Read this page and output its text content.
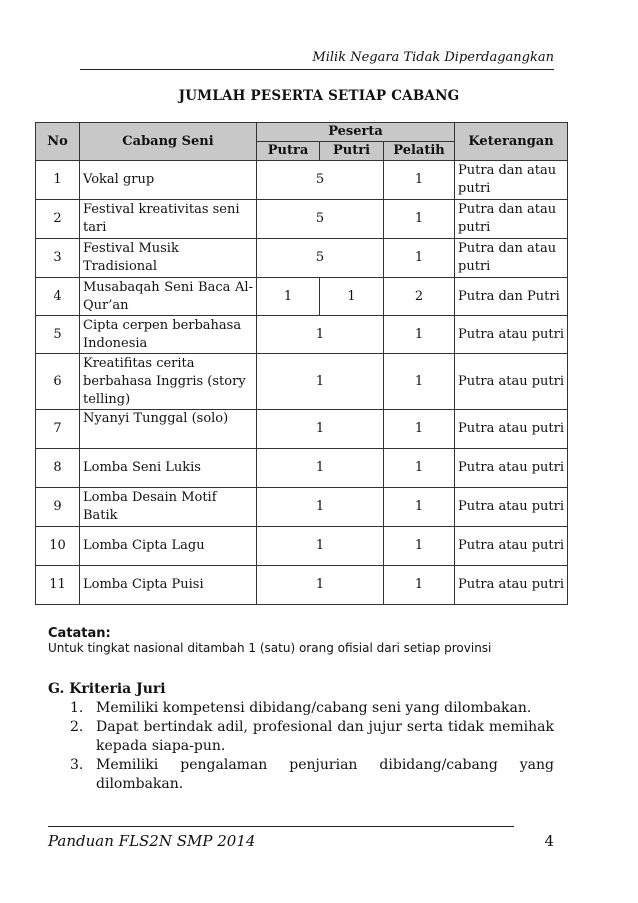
Milik Negara Tidak Diperdagangkan
JUMLAH PESERTA SETIAP CABANG
No	Cabang Seni	Peserta			Keterangan
		Putra	Putri	Pelatih	
1	Vokal grup	5		1	Putra dan atau putri
2	Festival kreativitas seni tari	5		1	Putra dan atau putri
3	Festival Musik Tradisional	5		1	Putra dan atau putri
4	Musabaqah Seni Baca Al-Qur’an	1	1	2	Putra dan Putri
5	Cipta cerpen berbahasa Indonesia	1		1	Putra atau putri
6	Kreatifitas cerita berbahasa Inggris (story telling)	1		1	Putra atau putri
7	Nyanyi Tunggal (solo)	1		1	Putra atau putri
8	Lomba Seni Lukis	1		1	Putra atau putri
9	Lomba Desain Motif Batik	1		1	Putra atau putri
10	Lomba Cipta Lagu	1		1	Putra atau putri
11	Lomba Cipta Puisi	1		1	Putra atau putri
Catatan:
Untuk tingkat nasional ditambah 1 (satu) orang ofisial dari setiap provinsi
G. Kriteria Juri
1. Memiliki kompetensi dibidang/cabang seni yang dilombakan.
2. Dapat bertindak adil, profesional dan jujur serta tidak memihak kepada siapa-pun.
3. Memiliki pengalaman penjurian dibidang/cabang yang dilombakan.
Panduan FLS2N SMP 2014	4
